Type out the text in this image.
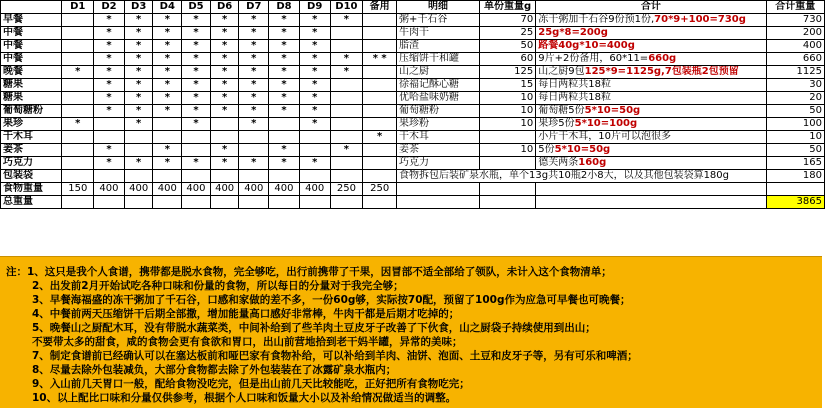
	D1	D2	D3	D4	D5	D6	D7	D8	D9	D10	备用	明细	单份重量g	合计	合计重量
早餐		*	*	*	*	*	*	*	*	*		粥+千石谷	70	冻干粥加千石谷9份预1份,70*9+100=730g	730
中餐		*	*	*	*	*	*	*	*			牛肉干	25	25g*8=200g	200
中餐		*	*	*	*	*	*	*	*			脂渣	50	路餐40g*10=400g	400
中餐		*	*	*	*	*	*	*	*	*	* *	压缩饼干和罐	60	9片+2份备用，60*11=660g	660
晚餐	*	*	*	*	*	*	*	*	*	*		山之厨	125	山之厨9包125*9=1125g,7包装瓶2包预留	1125
糖果		*	*	*	*	*	*	*	*			徐福记酥心糖	15	每日两粒共18粒	30
糖果		*	*	*	*	*	*	*	*			优哈盐味奶糖	10	每日两粒共18粒	20
葡萄糖粉		*	*	*	*	*	*	*	*			葡萄糖粉	10	葡萄糖5份5*10=50g	50
果珍	*		*		*		*		*			果珍粉	10	果珍5份5*10=100g	100
干木耳											*	干木耳		小片干木耳，10片可以泡很多	10
姜茶		*		*		*		*		*		姜茶	10	5份5*10=50g	50
巧克力		*	*	*	*	*	*	*	*			巧克力		德芙两条160g	165
包装袋												食物拆包后装矿泉水瓶，单个13g共10瓶2小8大，以及其他包装袋算180g			180
食物重量	150	400	400	400	400	400	400	400	400	250	250				
总重量															3865
注：1、这只是我个人食谱，携带都是脱水食物，完全够吃，出行前携带了干果，因冒部不适全部给了领队，未计入这个食物清单；
2、出发前2月开始试吃各种口味和份量的食物，所以每日的分量对于我完全够；
3、早餐海福盛的冻干粥加了千石谷，口感和家做的差不多，一份60g够，实际按70配，预留了100g作为应急可早餐也可晚餐；
4、中餐前两天压缩饼干后期全部撒，增加能量高口感好非常棒，牛肉干都是后期才吃掉的；
5、晚餐山之厨配木耳，没有带脱水蔬菜类，中间补给到了些羊肉土豆皮牙子改善了下伙食，山之厨袋子持续使用到出山；
不要带太多的甜食，咸的食物会更有食欲和胃口，出山前营地拾到老干妈半罐，异常的美味；
7、制定食谱前已经确认可以在塞达板前和哑巴家有食物补给，可以补给到羊肉、油饼、泡面、土豆和皮牙子等，另有可乐和啤酒；
8、尽量去除外包装减负，大部分食物都去除了外包装装在了冰露矿泉水瓶内；
9、入山前几天胃口一般，配给食物没吃完，但是出山前几天比较能吃，正好把所有食物吃完；
10、以上配比口味和分量仅供参考，根据个人口味和饭量大小以及补给情况做适当的调整。
